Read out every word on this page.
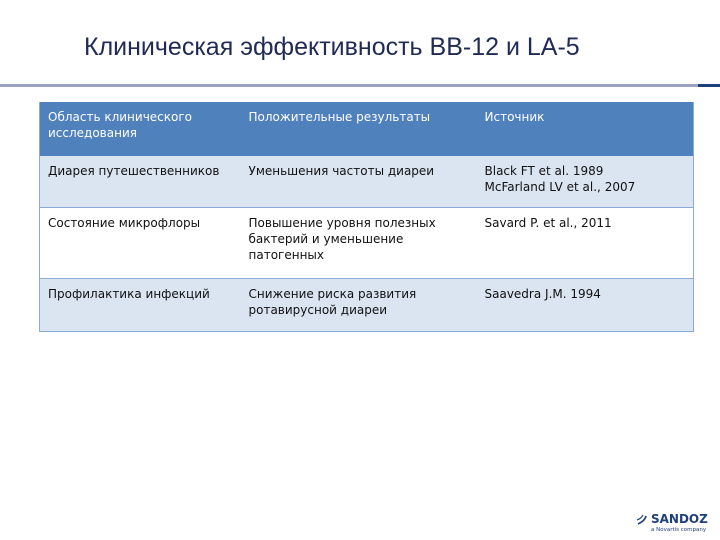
Клиническая эффективность ВВ-12 и LA-5
Область клинического исследования	Положительные результаты	Источник
Диарея путешественников	Уменьшения частоты диареи	Black FT et al. 1989
McFarland LV et al., 2007

Состояние микрофлоры	Повышение уровня полезных бактерий и уменьшение патогенных	Savard P. et al., 2011

Профилактика инфекций	Снижение риска развития ротавирусной диареи	Saavedra J.M. 1994
SANDOZ
a Novartis company
